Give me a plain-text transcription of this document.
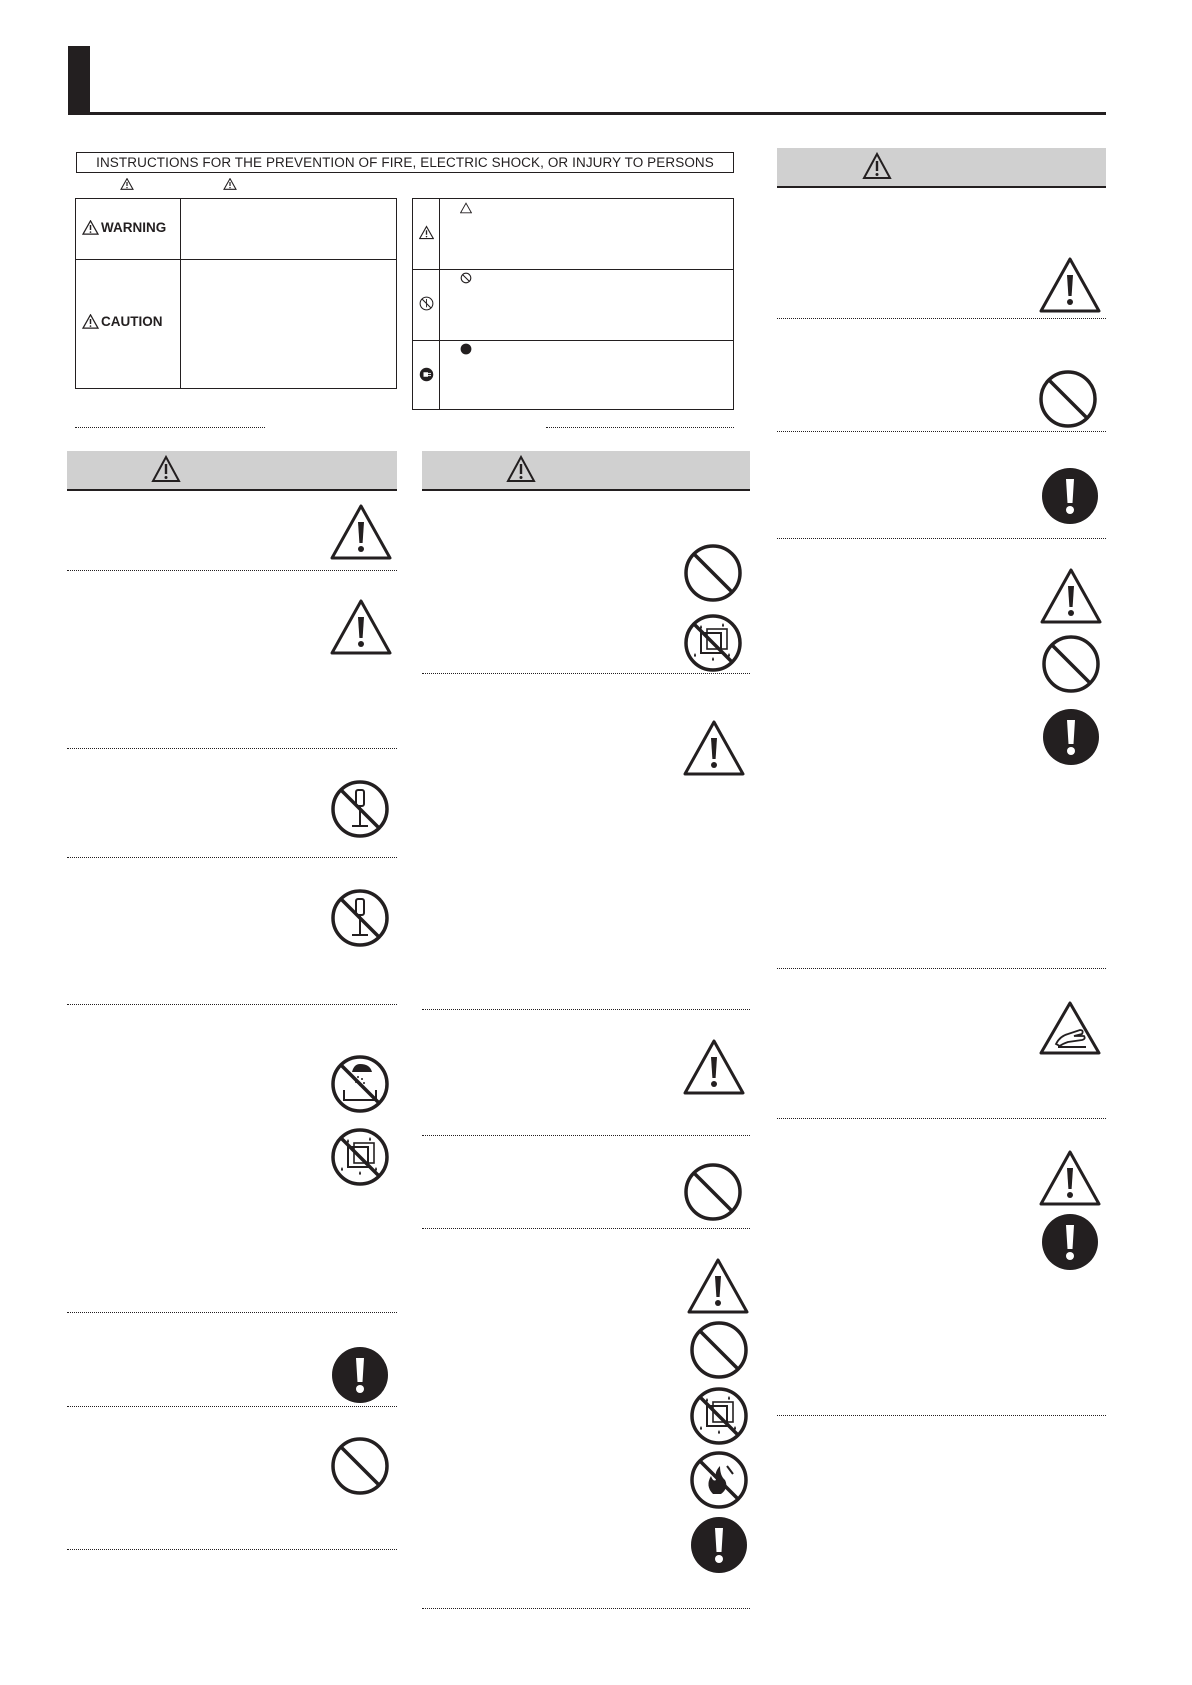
INSTRUCTIONS FOR THE PREVENTION OF FIRE, ELECTRIC SHOCK, OR INJURY TO PERSONS
WARNING
CAUTION
